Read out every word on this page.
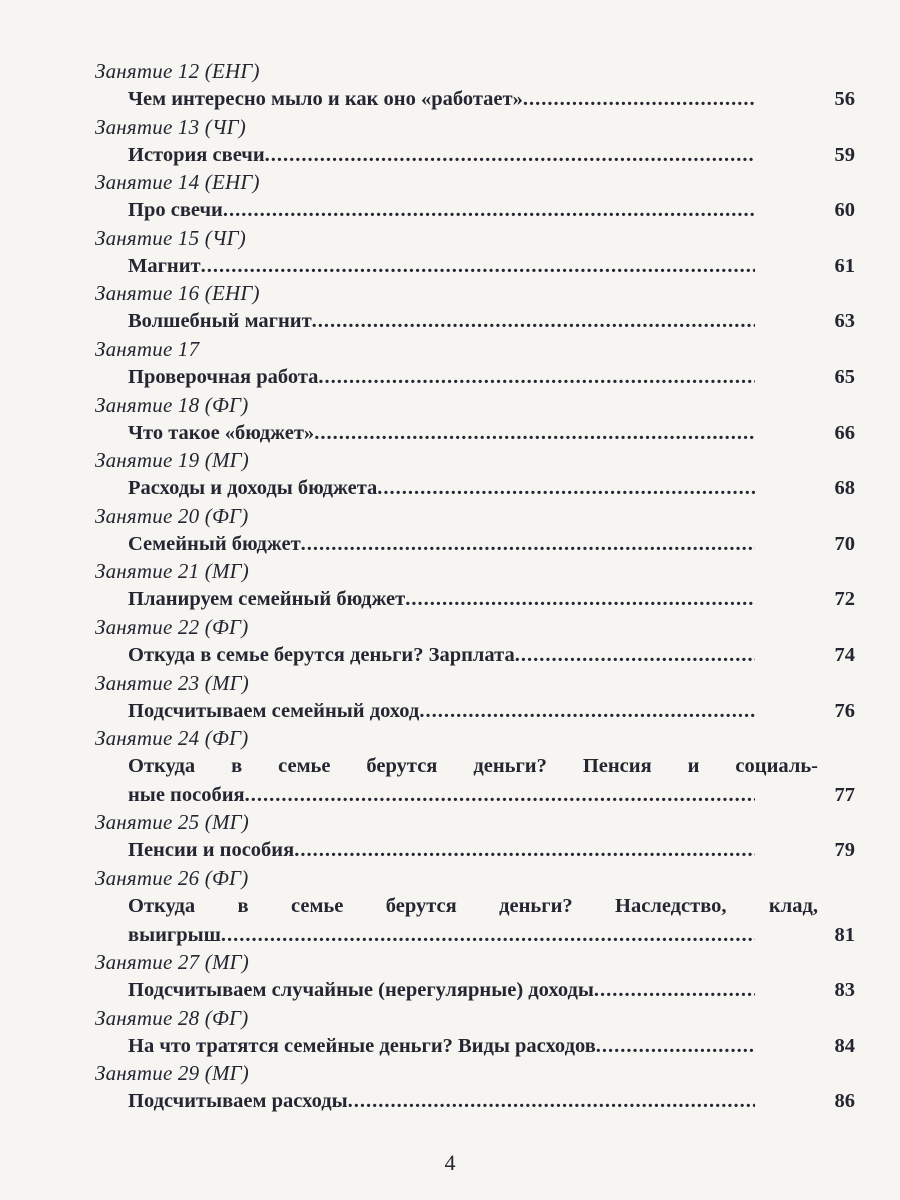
Занятие 12 (ЕНГ)
Чем интересно мыло и как оно «работает» .....	56
Занятие 13 (ЧГ)
История свечи .....	59
Занятие 14 (ЕНГ)
Про свечи .....	60
Занятие 15 (ЧГ)
Магнит .....	61
Занятие 16 (ЕНГ)
Волшебный магнит .....	63
Занятие 17
Проверочная работа .....	65
Занятие 18 (ФГ)
Что такое «бюджет» .....	66
Занятие 19 (МГ)
Расходы и доходы бюджета .....	68
Занятие 20 (ФГ)
Семейный бюджет .....	70
Занятие 21 (МГ)
Планируем семейный бюджет .....	72
Занятие 22 (ФГ)
Откуда в семье берутся деньги? Зарплата .....	74
Занятие 23 (МГ)
Подсчитываем семейный доход .....	76
Занятие 24 (ФГ)
Откуда в семье берутся деньги? Пенсия и социаль-
ные пособия .....	77
Занятие 25 (МГ)
Пенсии и пособия .....	79
Занятие 26 (ФГ)
Откуда в семье берутся деньги? Наследство, клад,
выигрыш .....	81
Занятие 27 (МГ)
Подсчитываем случайные (нерегулярные) доходы .....	83
Занятие 28 (ФГ)
На что тратятся семейные деньги? Виды расходов .....	84
Занятие 29 (МГ)
Подсчитываем расходы .....	86
4
